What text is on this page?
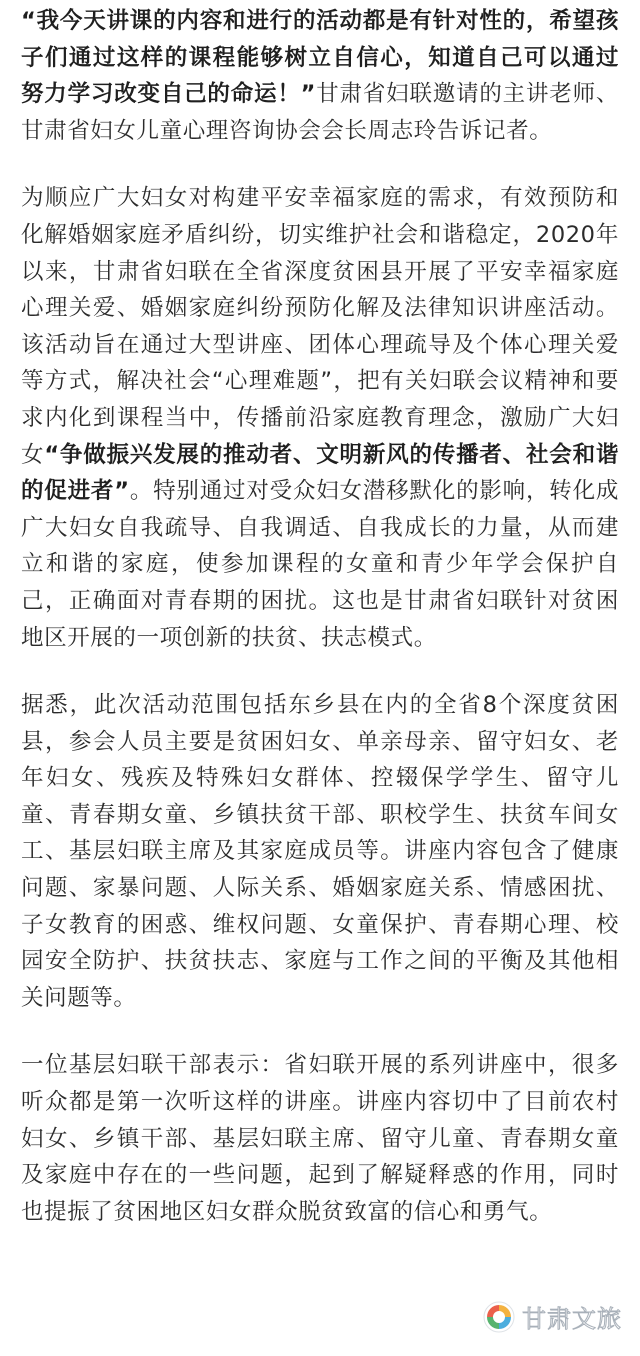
“我今天讲课的内容和进行的活动都是有针对性的，希望孩子们通过这样的课程能够树立自信心，知道自己可以通过努力学习改变自己的命运！”甘肃省妇联邀请的主讲老师、甘肃省妇女儿童心理咨询协会会长周志玲告诉记者。

为顺应广大妇女对构建平安幸福家庭的需求，有效预防和化解婚姻家庭矛盾纠纷，切实维护社会和谐稳定，2020年以来，甘肃省妇联在全省深度贫困县开展了平安幸福家庭心理关爱、婚姻家庭纠纷预防化解及法律知识讲座活动。该活动旨在通过大型讲座、团体心理疏导及个体心理关爱等方式，解决社会“心理难题”，把有关妇联会议精神和要求内化到课程当中，传播前沿家庭教育理念，激励广大妇女“争做振兴发展的推动者、文明新风的传播者、社会和谐的促进者”。特别通过对受众妇女潜移默化的影响，转化成广大妇女自我疏导、自我调适、自我成长的力量，从而建立和谐的家庭，使参加课程的女童和青少年学会保护自己，正确面对青春期的困扰。这也是甘肃省妇联针对贫困地区开展的一项创新的扶贫、扶志模式。

据悉，此次活动范围包括东乡县在内的全省8个深度贫困县，参会人员主要是贫困妇女、单亲母亲、留守妇女、老年妇女、残疾及特殊妇女群体、控辍保学学生、留守儿童、青春期女童、乡镇扶贫干部、职校学生、扶贫车间女工、基层妇联主席及其家庭成员等。讲座内容包含了健康问题、家暴问题、人际关系、婚姻家庭关系、情感困扰、子女教育的困惑、维权问题、女童保护、青春期心理、校园安全防护、扶贫扶志、家庭与工作之间的平衡及其他相关问题等。

一位基层妇联干部表示：省妇联开展的系列讲座中，很多听众都是第一次听这样的讲座。讲座内容切中了目前农村妇女、乡镇干部、基层妇联主席、留守儿童、青春期女童及家庭中存在的一些问题，起到了解疑释惑的作用，同时也提振了贫困地区妇女群众脱贫致富的信心和勇气。

甘肃文旅
